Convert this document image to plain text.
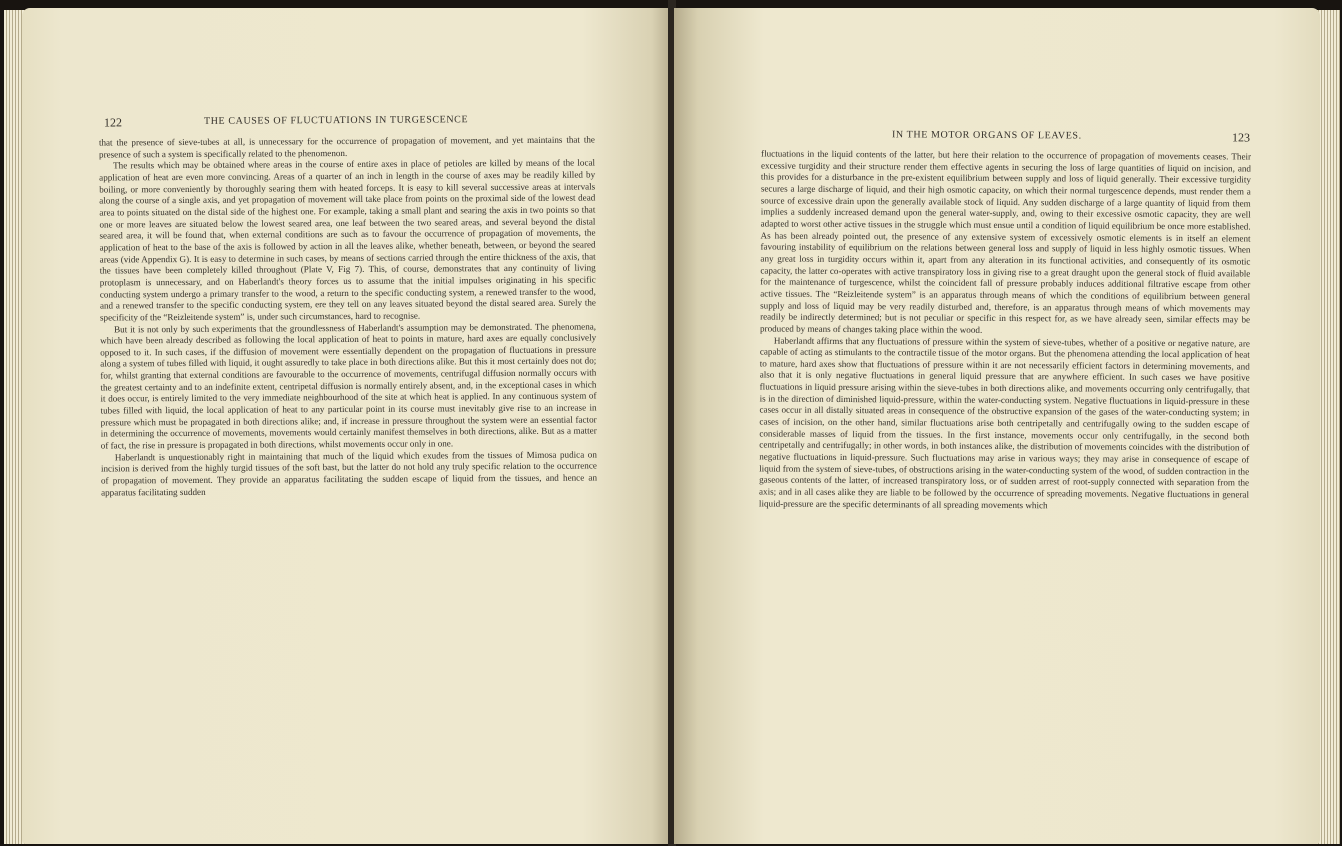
122	THE CAUSES OF FLUCTUATIONS IN TURGESCENCE

that the presence of sieve-tubes at all, is unnecessary for the occurrence of propagation of movement, and yet maintains that the presence of such a system is specifically related to the phenomenon.

The results which may be obtained where areas in the course of entire axes in place of petioles are killed by means of the local application of heat are even more convincing. Areas of a quarter of an inch in length in the course of axes may be readily killed by boiling, or more conveniently by thoroughly searing them with heated forceps. It is easy to kill several successive areas at intervals along the course of a single axis, and yet propagation of movement will take place from points on the proximal side of the lowest dead area to points situated on the distal side of the highest one. For example, taking a small plant and searing the axis in two points so that one or more leaves are situated below the lowest seared area, one leaf between the two seared areas, and several beyond the distal seared area, it will be found that, when external conditions are such as to favour the occurrence of propagation of movements, the application of heat to the base of the axis is followed by action in all the leaves alike, whether beneath, between, or beyond the seared areas (vide Appendix G). It is easy to determine in such cases, by means of sections carried through the entire thickness of the axis, that the tissues have been completely killed throughout (Plate V, Fig 7). This, of course, demonstrates that any continuity of living protoplasm is unnecessary, and on Haberlandt's theory forces us to assume that the initial impulses originating in his specific conducting system undergo a primary transfer to the wood, a return to the specific conducting system, a renewed transfer to the wood, and a renewed transfer to the specific conducting system, ere they tell on any leaves situated beyond the distal seared area. Surely the specificity of the “Reizleitende system” is, under such circumstances, hard to recognise.

But it is not only by such experiments that the groundlessness of Haberlandt's assumption may be demonstrated. The phenomena, which have been already described as following the local application of heat to points in mature, hard axes are equally conclusively opposed to it. In such cases, if the diffusion of movement were essentially dependent on the propagation of fluctuations in pressure along a system of tubes filled with liquid, it ought assuredly to take place in both directions alike. But this it most certainly does not do; for, whilst granting that external conditions are favourable to the occurrence of movements, centrifugal diffusion normally occurs with the greatest certainty and to an indefinite extent, centripetal diffusion is normally entirely absent, and, in the exceptional cases in which it does occur, is entirely limited to the very immediate neighbourhood of the site at which heat is applied. In any continuous system of tubes filled with liquid, the local application of heat to any particular point in its course must inevitably give rise to an increase in pressure which must be propagated in both directions alike; and, if increase in pressure throughout the system were an essential factor in determining the occurrence of movements, movements would certainly manifest themselves in both directions, alike. But as a matter of fact, the rise in pressure is propagated in both directions, whilst movements occur only in one.

Haberlandt is unquestionably right in maintaining that much of the liquid which exudes from the tissues of Mimosa pudica on incision is derived from the highly turgid tissues of the soft bast, but the latter do not hold any truly specific relation to the occurrence of propagation of movement. They provide an apparatus facilitating the sudden escape of liquid from the tissues, and hence an apparatus facilitating sudden

IN THE MOTOR ORGANS OF LEAVES.	123

fluctuations in the liquid contents of the latter, but here their relation to the occurrence of propagation of movements ceases. Their excessive turgidity and their structure render them effective agents in securing the loss of large quantities of liquid on incision, and this provides for a disturbance in the pre-existent equilibrium between supply and loss of liquid generally. Their excessive turgidity secures a large discharge of liquid, and their high osmotic capacity, on which their normal turgescence depends, must render them a source of excessive drain upon the generally available stock of liquid. Any sudden discharge of a large quantity of liquid from them implies a suddenly increased demand upon the general water-supply, and, owing to their excessive osmotic capacity, they are well adapted to worst other active tissues in the struggle which must ensue until a condition of liquid equilibrium be once more established. As has been already pointed out, the presence of any extensive system of excessively osmotic elements is in itself an element favouring instability of equilibrium on the relations between general loss and supply of liquid in less highly osmotic tissues. When any great loss in turgidity occurs within it, apart from any alteration in its functional activities, and consequently of its osmotic capacity, the latter co-operates with active transpiratory loss in giving rise to a great draught upon the general stock of fluid available for the maintenance of turgescence, whilst the coincident fall of pressure probably induces additional filtrative escape from other active tissues. The “Reizleitende system” is an apparatus through means of which the conditions of equilibrium between general supply and loss of liquid may be very readily disturbed and, therefore, is an apparatus through means of which movements may readily be indirectly determined; but is not peculiar or specific in this respect for, as we have already seen, similar effects may be produced by means of changes taking place within the wood.

Haberlandt affirms that any fluctuations of pressure within the system of sieve-tubes, whether of a positive or negative nature, are capable of acting as stimulants to the contractile tissue of the motor organs. But the phenomena attending the local application of heat to mature, hard axes show that fluctuations of pressure within it are not necessarily efficient factors in determining movements, and also that it is only negative fluctuations in general liquid pressure that are anywhere efficient. In such cases we have positive fluctuations in liquid pressure arising within the sieve-tubes in both directions alike, and movements occurring only centrifugally, that is in the direction of diminished liquid-pressure, within the water-conducting system. Negative fluctuations in liquid-pressure in these cases occur in all distally situated areas in consequence of the obstructive expansion of the gases of the water-conducting system; in cases of incision, on the other hand, similar fluctuations arise both centripetally and centrifugally owing to the sudden escape of considerable masses of liquid from the tissues. In the first instance, movements occur only centrifugally, in the second both centripetally and centrifugally; in other words, in both instances alike, the distribution of movements coincides with the distribution of negative fluctuations in liquid-pressure. Such fluctuations may arise in various ways; they may arise in consequence of escape of liquid from the system of sieve-tubes, of obstructions arising in the water-conducting system of the wood, of sudden contraction in the gaseous contents of the latter, of increased transpiratory loss, or of sudden arrest of root-supply connected with separation from the axis; and in all cases alike they are liable to be followed by the occurrence of spreading movements. Negative fluctuations in general liquid-pressure are the specific determinants of all spreading movements which
